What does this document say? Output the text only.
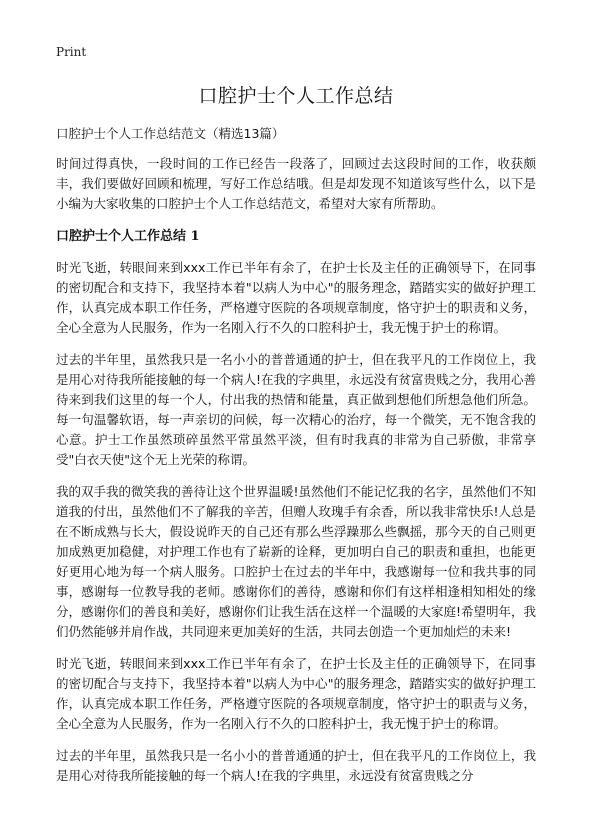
Print
口腔护士个人工作总结

口腔护士个人工作总结范文（精选13篇）

时间过得真快，一段时间的工作已经告一段落了，回顾过去这段时间的工作，收获颇丰，我们要做好回顾和梳理，写好工作总结哦。但是却发现不知道该写些什么，以下是小编为大家收集的口腔护士个人工作总结范文，希望对大家有所帮助。

口腔护士个人工作总结 1

时光飞逝，转眼间来到xxx工作已半年有余了，在护士长及主任的正确领导下，在同事的密切配合和支持下，我坚持本着"以病人为中心"的服务理念，踏踏实实的做好护理工作，认真完成本职工作任务，严格遵守医院的各项规章制度，恪守护士的职责和义务，全心全意为人民服务，作为一名刚入行不久的口腔科护士，我无愧于护士的称谓。

过去的半年里，虽然我只是一名小小的普普通通的护士，但在我平凡的工作岗位上，我是用心对待我所能接触的每一个病人!在我的字典里，永远没有贫富贵贱之分，我用心善待来到我们这里的每一个人，付出我的热情和能量，真正做到想他们所想急他们所急。每一句温馨软语，每一声亲切的问候，每一次精心的治疗，每一个微笑，无不饱含我的心意。护士工作虽然琐碎虽然平常虽然平淡，但有时我真的非常为自己骄傲，非常享受"白衣天使"这个无上光荣的称谓。

我的双手我的微笑我的善待让这个世界温暖!虽然他们不能记忆我的名字，虽然他们不知道我的付出，虽然他们不了解我的辛苦，但赠人玫瑰手有余香，所以我非常快乐!人总是在不断成熟与长大，假设说昨天的自己还有那么些浮躁那么些飘摇，那今天的自己则更加成熟更加稳健，对护理工作也有了崭新的诠释，更加明白自己的职责和重担，也能更好更用心地为每一个病人服务。口腔护士在过去的半年中，我感谢每一位和我共事的同事，感谢每一位教导我的老师。感谢你们的善待，感谢和你们有这样相逢相知相处的缘分，感谢你们的善良和美好，感谢你们让我生活在这样一个温暖的大家庭!希望明年，我们仍然能够并肩作战，共同迎来更加美好的生活，共同去创造一个更加灿烂的未来!

时光飞逝，转眼间来到xxx工作已半年有余了，在护士长及主任的正确领导下，在同事的密切配合与支持下，我坚持本着"以病人为中心"的服务理念，踏踏实实的做好护理工作，认真完成本职工作任务，严格遵守医院的各项规章制度，恪守护士的职责与义务，全心全意为人民服务，作为一名刚入行不久的口腔科护士，我无愧于护士的称谓。

过去的半年里，虽然我只是一名小小的普普通通的护士，但在我平凡的工作岗位上，我是用心对待我所能接触的每一个病人!在我的字典里，永远没有贫富贵贱之分
